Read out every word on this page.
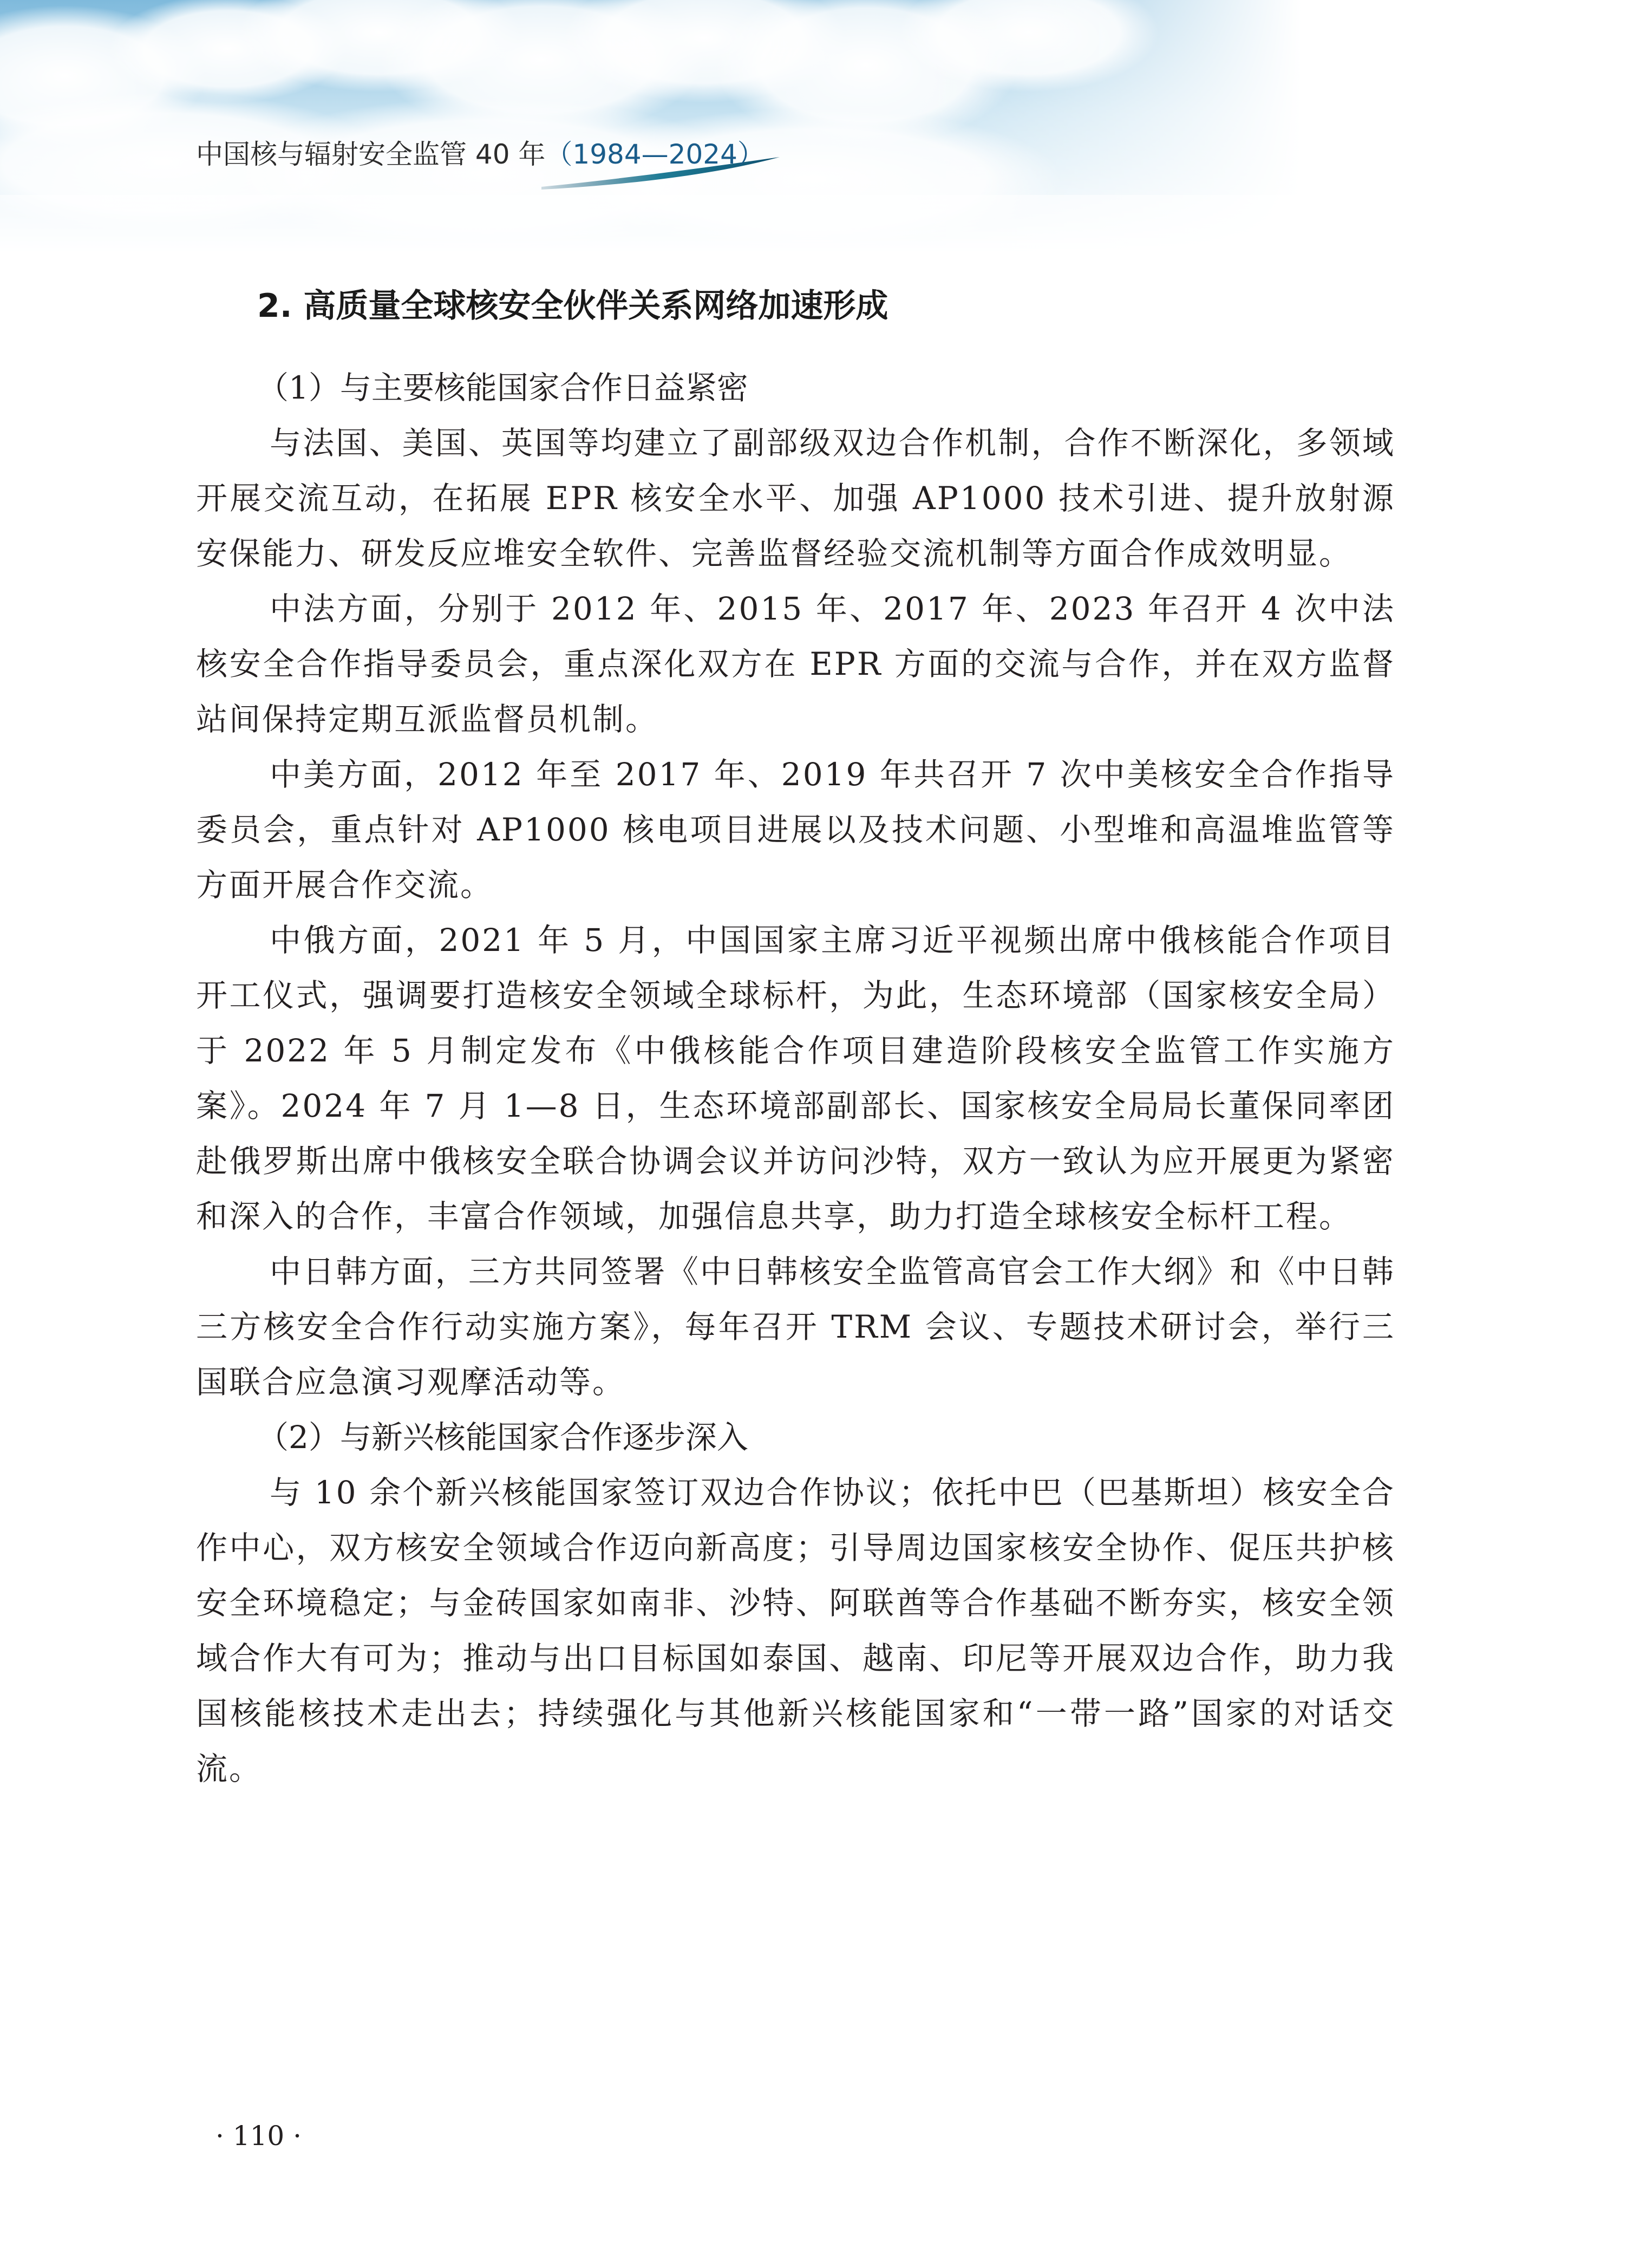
中国核与辐射安全监管 40 年（1984—2024）
2. 高质量全球核安全伙伴关系网络加速形成

（1）与主要核能国家合作日益紧密

与法国、美国、英国等均建立了副部级双边合作机制，合作不断深化，多领域开展交流互动，在拓展 EPR 核安全水平、加强 AP1000 技术引进、提升放射源安保能力、研发反应堆安全软件、完善监督经验交流机制等方面合作成效明显。

中法方面，分别于 2012 年、2015 年、2017 年、2023 年召开 4 次中法核安全合作指导委员会，重点深化双方在 EPR 方面的交流与合作，并在双方监督站间保持定期互派监督员机制。

中美方面，2012 年至 2017 年、2019 年共召开 7 次中美核安全合作指导委员会，重点针对 AP1000 核电项目进展以及技术问题、小型堆和高温堆监管等方面开展合作交流。

中俄方面，2021 年 5 月，中国国家主席习近平视频出席中俄核能合作项目开工仪式，强调要打造核安全领域全球标杆，为此，生态环境部（国家核安全局）于 2022 年 5 月制定发布《中俄核能合作项目建造阶段核安全监管工作实施方案》。2024 年 7 月 1—8 日，生态环境部副部长、国家核安全局局长董保同率团赴俄罗斯出席中俄核安全联合协调会议并访问沙特，双方一致认为应开展更为紧密和深入的合作，丰富合作领域，加强信息共享，助力打造全球核安全标杆工程。

中日韩方面，三方共同签署《中日韩核安全监管高官会工作大纲》和《中日韩三方核安全合作行动实施方案》，每年召开 TRM 会议、专题技术研讨会，举行三国联合应急演习观摩活动等。

（2）与新兴核能国家合作逐步深入

与 10 余个新兴核能国家签订双边合作协议；依托中巴（巴基斯坦）核安全合作中心，双方核安全领域合作迈向新高度；引导周边国家核安全协作、促压共护核安全环境稳定；与金砖国家如南非、沙特、阿联酋等合作基础不断夯实，核安全领域合作大有可为；推动与出口目标国如泰国、越南、印尼等开展双边合作，助力我国核能核技术走出去；持续强化与其他新兴核能国家和“一带一路”国家的对话交流。

· 110 ·
